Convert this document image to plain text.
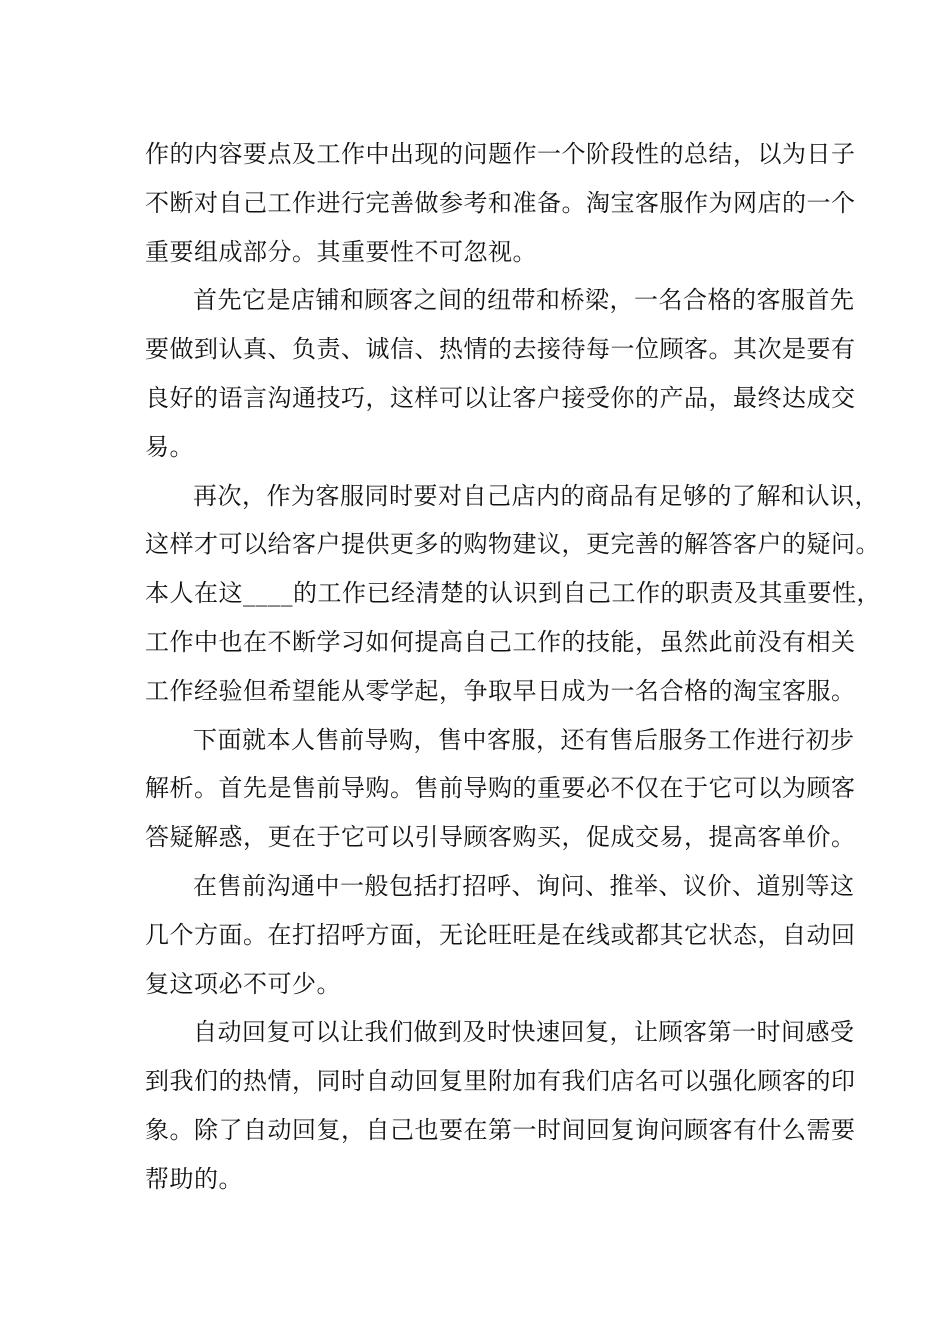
作的内容要点及工作中出现的问题作一个阶段性的总结，以为日子
不断对自己工作进行完善做参考和准备。淘宝客服作为网店的一个
重要组成部分。其重要性不可忽视。
首先它是店铺和顾客之间的纽带和桥梁，一名合格的客服首先
要做到认真、负责、诚信、热情的去接待每一位顾客。其次是要有
良好的语言沟通技巧，这样可以让客户接受你的产品，最终达成交
易。
再次，作为客服同时要对自己店内的商品有足够的了解和认识，
这样才可以给客户提供更多的购物建议，更完善的解答客户的疑问。
本人在这____的工作已经清楚的认识到自己工作的职责及其重要性，
工作中也在不断学习如何提高自己工作的技能，虽然此前没有相关
工作经验但希望能从零学起，争取早日成为一名合格的淘宝客服。
下面就本人售前导购，售中客服，还有售后服务工作进行初步
解析。首先是售前导购。售前导购的重要必不仅在于它可以为顾客
答疑解惑，更在于它可以引导顾客购买，促成交易，提高客单价。
在售前沟通中一般包括打招呼、询问、推举、议价、道别等这
几个方面。在打招呼方面，无论旺旺是在线或都其它状态，自动回
复这项必不可少。
自动回复可以让我们做到及时快速回复，让顾客第一时间感受
到我们的热情，同时自动回复里附加有我们店名可以强化顾客的印
象。除了自动回复，自己也要在第一时间回复询问顾客有什么需要
帮助的。
